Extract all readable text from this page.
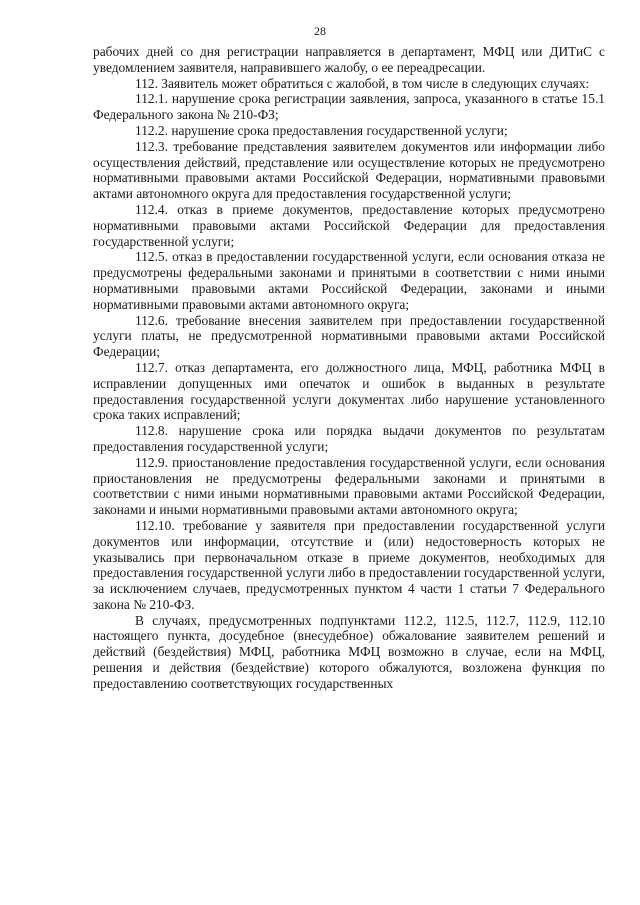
28

рабочих дней со дня регистрации направляется в департамент, МФЦ или ДИТиС с уведомлением заявителя, направившего жалобу, о ее переадресации.

112. Заявитель может обратиться с жалобой, в том числе в следующих случаях:

112.1. нарушение срока регистрации заявления, запроса, указанного в статье 15.1 Федерального закона № 210-ФЗ;

112.2. нарушение срока предоставления государственной услуги;

112.3. требование представления заявителем документов или информации либо осуществления действий, представление или осуществление которых не предусмотрено нормативными правовыми актами Российской Федерации, нормативными правовыми актами автономного округа для предоставления государственной услуги;

112.4. отказ в приеме документов, предоставление которых предусмотрено нормативными правовыми актами Российской Федерации для предоставления государственной услуги;

112.5. отказ в предоставлении государственной услуги, если основания отказа не предусмотрены федеральными законами и принятыми в соответствии с ними иными нормативными правовыми актами Российской Федерации, законами и иными нормативными правовыми актами автономного округа;

112.6. требование внесения заявителем при предоставлении государственной услуги платы, не предусмотренной нормативными правовыми актами Российской Федерации;

112.7. отказ департамента, его должностного лица, МФЦ, работника МФЦ в исправлении допущенных ими опечаток и ошибок в выданных в результате предоставления государственной услуги документах либо нарушение установленного срока таких исправлений;

112.8. нарушение срока или порядка выдачи документов по результатам предоставления государственной услуги;

112.9. приостановление предоставления государственной услуги, если основания приостановления не предусмотрены федеральными законами и принятыми в соответствии с ними иными нормативными правовыми актами Российской Федерации, законами и иными нормативными правовыми актами автономного округа;

112.10. требование у заявителя при предоставлении государственной услуги документов или информации, отсутствие и (или) недостоверность которых не указывались при первоначальном отказе в приеме документов, необходимых для предоставления государственной услуги либо в предоставлении государственной услуги, за исключением случаев, предусмотренных пунктом 4 части 1 статьи 7 Федерального закона № 210-ФЗ.

В случаях, предусмотренных подпунктами 112.2, 112.5, 112.7, 112.9, 112.10 настоящего пункта, досудебное (внесудебное) обжалование заявителем решений и действий (бездействия) МФЦ, работника МФЦ возможно в случае, если на МФЦ, решения и действия (бездействие) которого обжалуются, возложена функция по предоставлению соответствующих государственных
